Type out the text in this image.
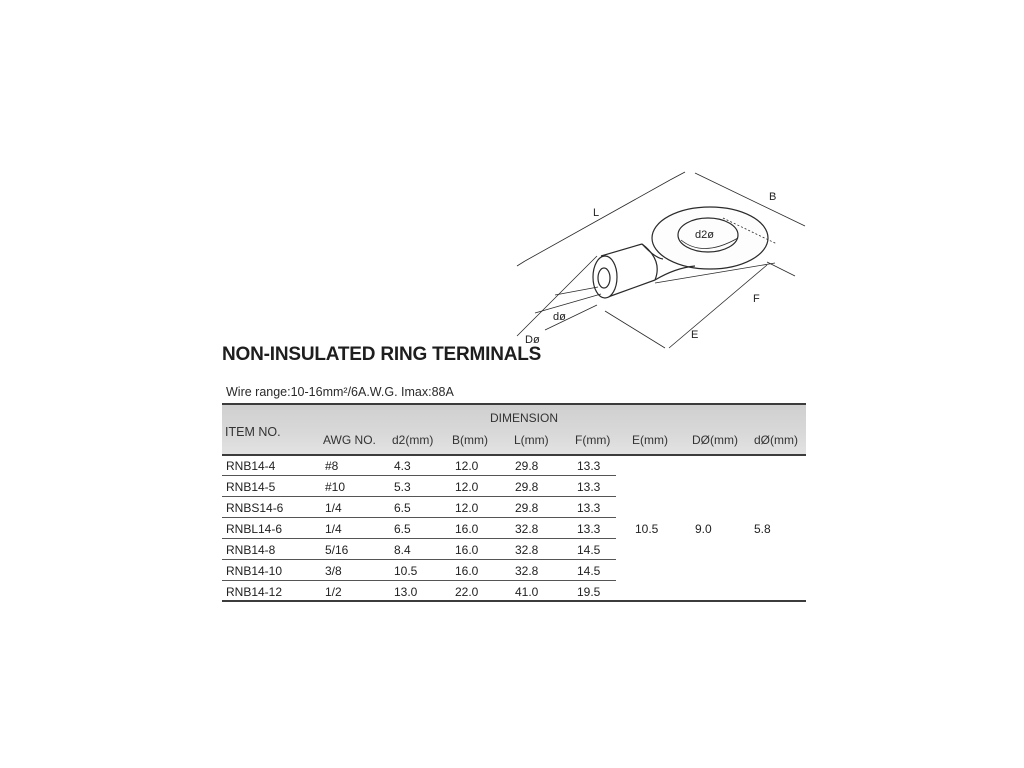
L
B
d2ø
dø
Dø	E
F
NON-INSULATED RING TERMINALS
Wire range:10-16mm²/6A.W.G. Imax:88A
ITEM NO.
DIMENSION
AWG NO. d2(mm) B(mm) L(mm) F(mm) E(mm) DØ(mm) dØ(mm)
RNB14-4	#8	4.3	12.0	29.8	13.3
RNB14-5	#10	5.3	12.0	29.8	13.3
RNBS14-6	1/4	6.5	12.0	29.8	13.3
RNBL14-6	1/4	6.5	16.0	32.8	13.3
RNB14-8	5/16	8.4	16.0	32.8	14.5
RNB14-10	3/8	10.5	16.0	32.8	14.5
RNB14-12	1/2	13.0	22.0	41.0	19.5
10.5	9.0	5.8
